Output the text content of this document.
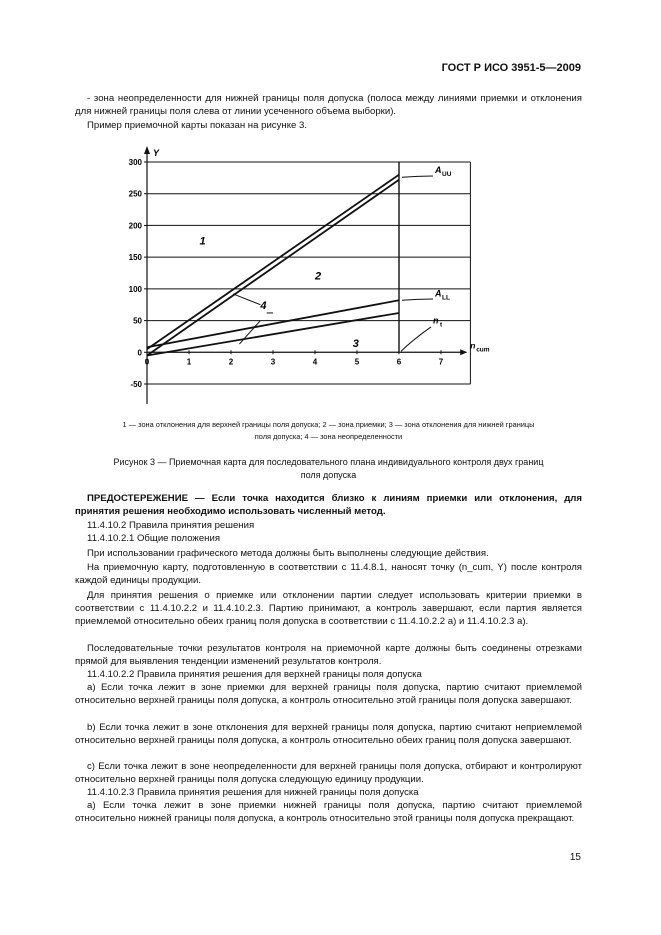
ГОСТ Р ИСО 3951-5—2009

- зона неопределенности для нижней границы поля допуска (полоса между линиями приемки и отклонения для нижней границы поля слева от линии усеченного объема выборки).

Пример приемочной карты показан на рисунке 3.

0	1	2	3	4	5	6	7
-50
0
50
100
150
200
250
300
Y
n cum
A UU
A LL
n t
1
2
3
4
1 — зона отклонения для верхней границы поля допуска; 2 — зона приемки; 3 — зона отклонения для нижней границы
поля допуска; 4 — зона неопределенности
Рисунок 3 — Приемочная карта для последовательного плана индивидуального контроля двух границ
поля допуска

ПРЕДОСТЕРЕЖЕНИЕ — Если точка находится близко к линиям приемки или отклонения, для принятия решения необходимо использовать численный метод.

11.4.10.2 Правила принятия решения

11.4.10.2.1 Общие положения

При использовании графического метода должны быть выполнены следующие действия.

На приемочную карту, подготовленную в соответствии с 11.4.8.1, наносят точку (n_cum, Y) после контроля каждой единицы продукции.

Для принятия решения о приемке или отклонении партии следует использовать критерии приемки в соответствии с 11.4.10.2.2 и 11.4.10.2.3. Партию принимают, а контроль завершают, если партия является приемлемой относительно обеих границ поля допуска в соответствии с 11.4.10.2.2 а) и 11.4.10.2.3 а).

Последовательные точки результатов контроля на приемочной карте должны быть соединены отрезками прямой для выявления тенденции изменений результатов контроля.

11.4.10.2.2 Правила принятия решения для верхней границы поля допуска

а) Если точка лежит в зоне приемки для верхней границы поля допуска, партию считают приемлемой относительно верхней границы поля допуска, а контроль относительно этой границы поля допуска завершают.

b) Если точка лежит в зоне отклонения для верхней границы поля допуска, партию считают неприемлемой относительно верхней границы поля допуска, а контроль относительно обеих границ поля допуска завершают.

с) Если точка лежит в зоне неопределенности для верхней границы поля допуска, отбирают и контролируют относительно верхней границы поля допуска следующую единицу продукции.

11.4.10.2.3 Правила принятия решения для нижней границы поля допуска

а) Если точка лежит в зоне приемки нижней границы поля допуска, партию считают приемлемой относительно нижней границы поля допуска, а контроль относительно этой границы поля допуска прекращают.

15
